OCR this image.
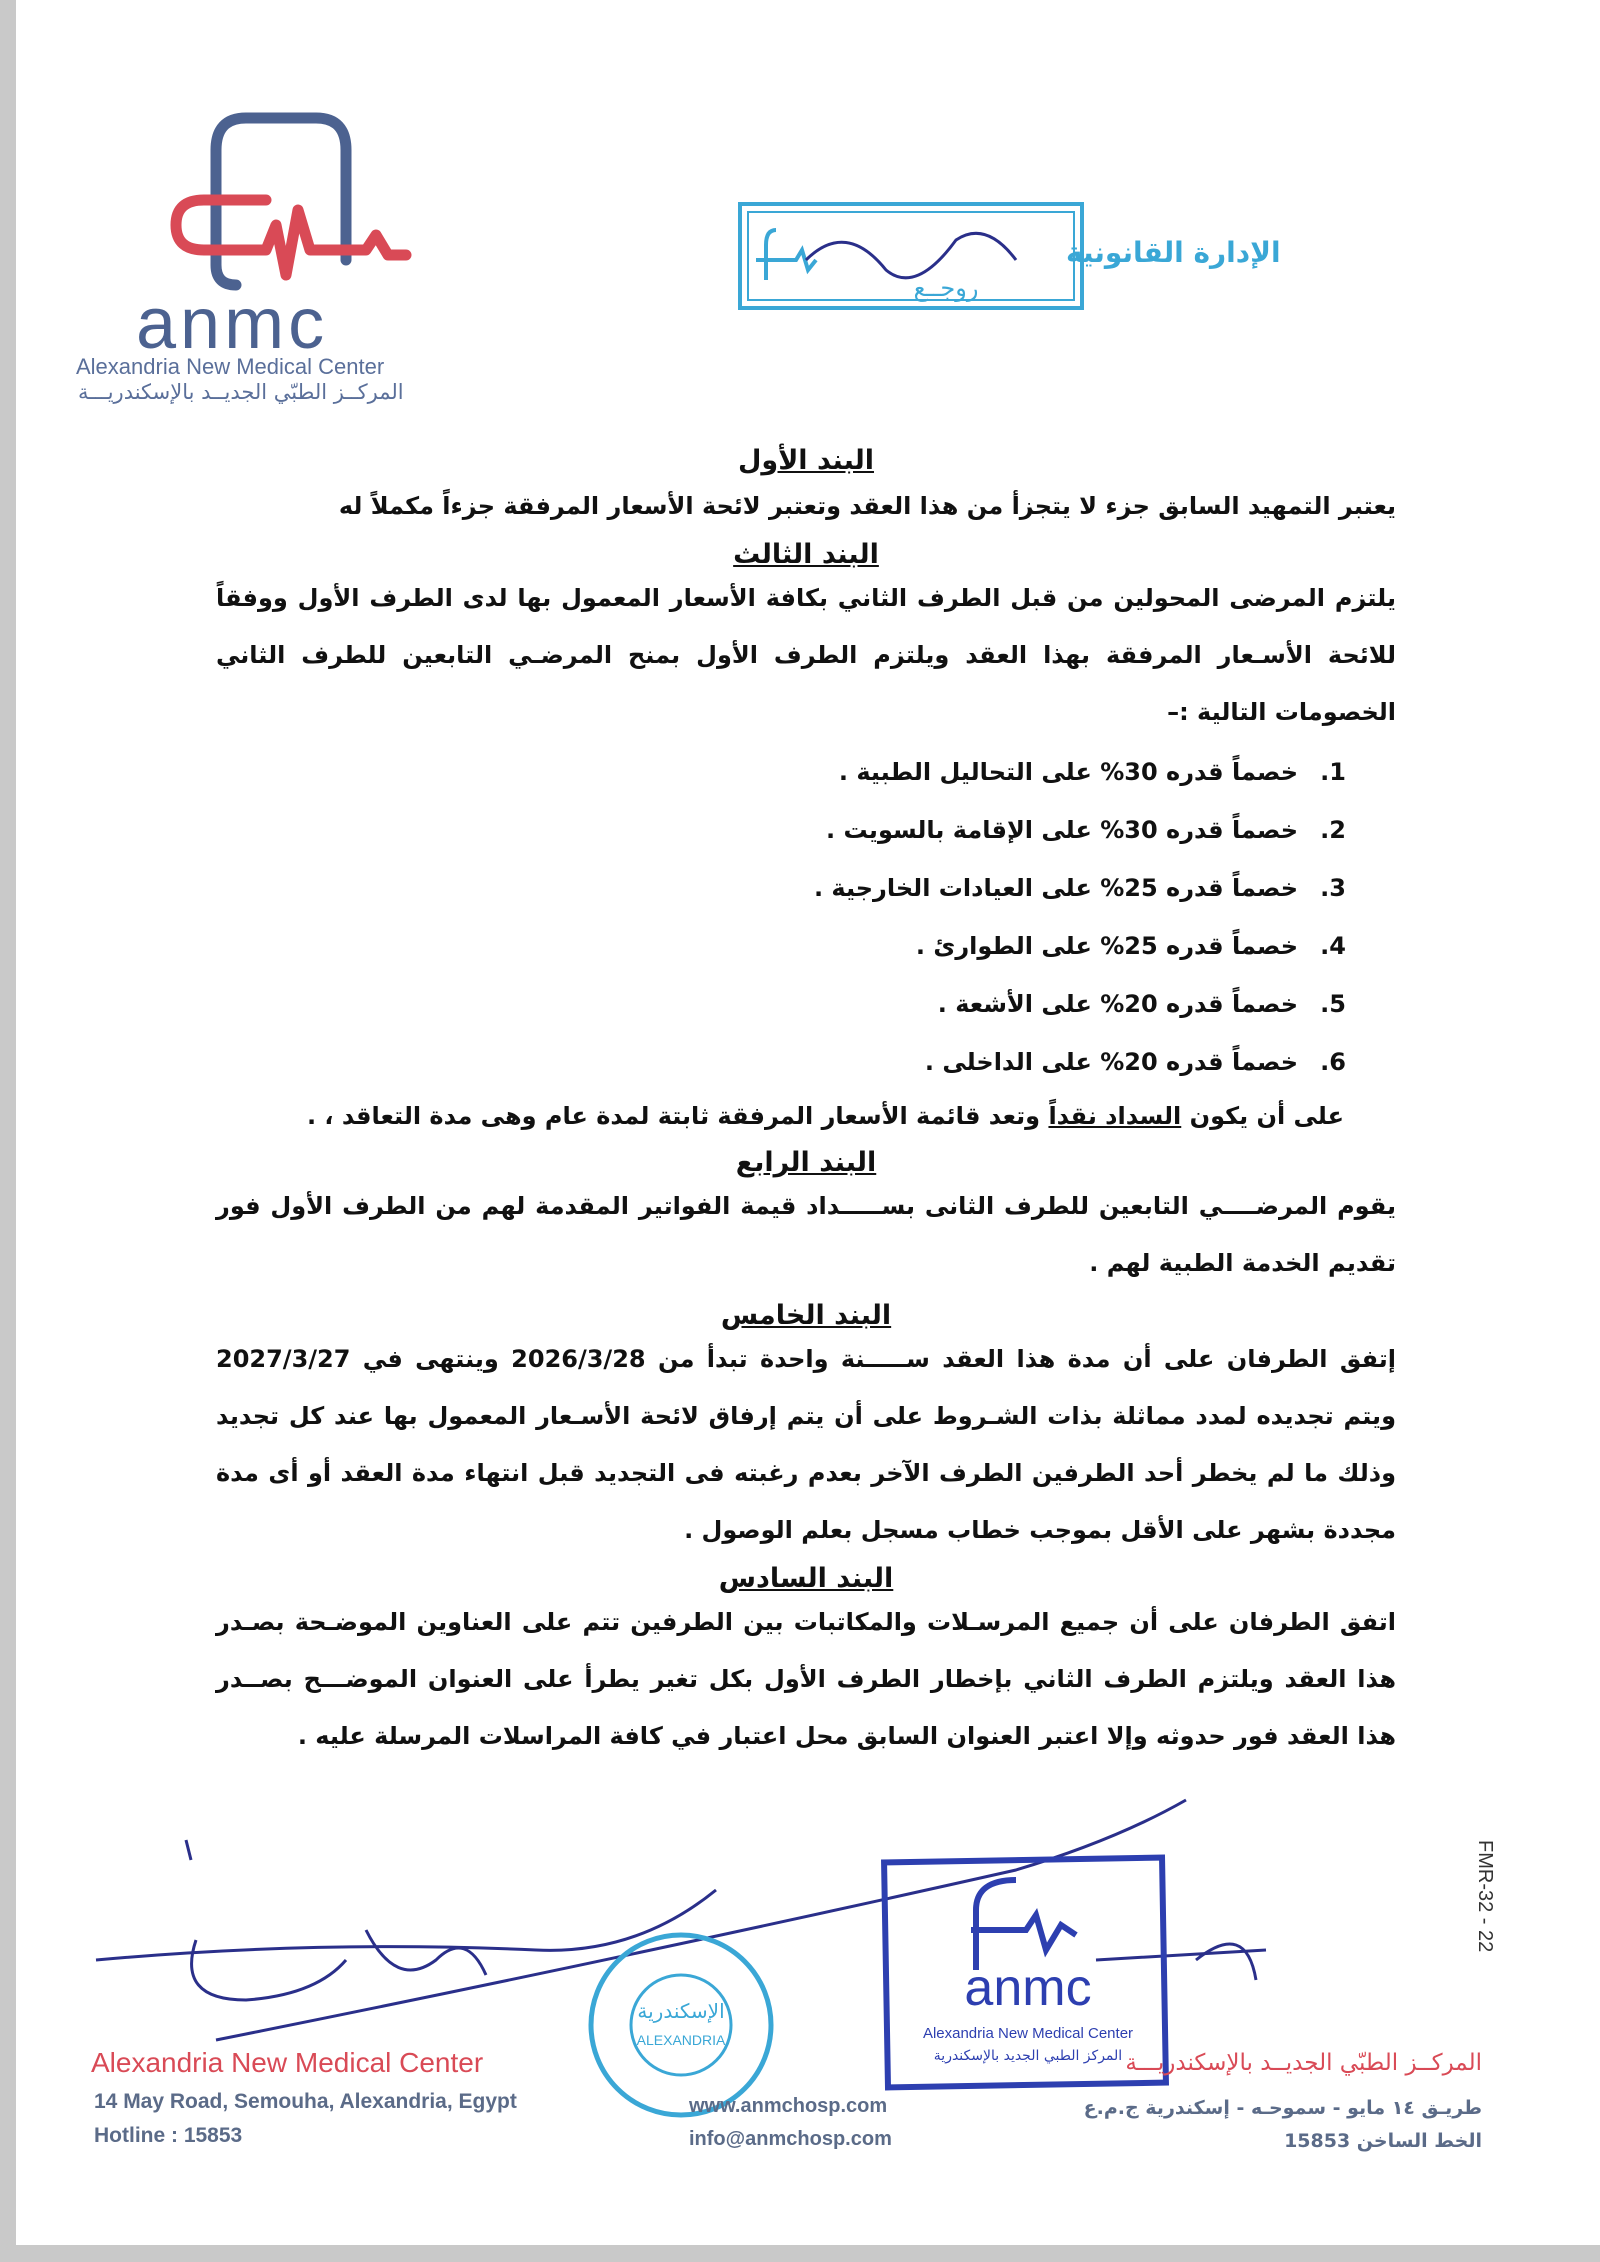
anmc
Alexandria New Medical Center
المركــز الطبّي الجديــد بالإسكندريـــة
الإدارة القانونية
روجــع
البند الأول
يعتبر التمهيد السابق جزء لا يتجزأ من هذا العقد وتعتبر لائحة الأسعار المرفقة جزءاً مكملاً له
البند الثالث
يلتزم المرضى المحولين من قبل الطرف الثاني بكافة الأسعار المعمول بها لدى الطرف الأول ووفقاً للائحة الأسـعار المرفقة بهذا العقد ويلتزم الطرف الأول بمنح المرضـي التابعين للطرف الثاني الخصومات التالية :–
1.خصماً قدره 30% على التحاليل الطبية .
2.خصماً قدره 30% على الإقامة بالسويت .
3.خصماً قدره 25% على العيادات الخارجية .
4.خصماً قدره 25% على الطوارئ .
5.خصماً قدره 20% على الأشعة .
6.خصماً قدره 20% على الداخلى .
على أن يكون السداد نقداً وتعد قائمة الأسعار المرفقة ثابتة لمدة عام وهى مدة التعاقد ، .
البند الرابع
يقوم المرضــــي التابعين للطرف الثانى بســـــداد قيمة الفواتير المقدمة لهم من الطرف الأول فور تقديم الخدمة الطبية لهم .
البند الخامس
إتفق الطرفان على أن مدة هذا العقد ســـــنة واحدة تبدأ من 2026/3/28 وينتهى في 2027/3/27 ويتم تجديده لمدد مماثلة بذات الشـروط على أن يتم إرفاق لائحة الأسـعار المعمول بها عند كل تجديد وذلك ما لم يخطر أحد الطرفين الطرف الآخر بعدم رغبته فى التجديد قبل انتهاء مدة العقد أو أى مدة مجددة بشهر على الأقل بموجب خطاب مسجل بعلم الوصول .
البند السادس
اتفق الطرفان على أن جميع المرسـلات والمكاتبات بين الطرفين تتم على العناوين الموضـحة بصـدر هذا العقد ويلتزم الطرف الثاني بإخطار الطرف الأول بكل تغير يطرأ على العنوان الموضـــح بصــدر هذا العقد فور حدوثه وإلا اعتبر العنوان السابق محل اعتبار في كافة المراسلات المرسلة عليه .
FMR-32 - 22
الإسكندرية
ALEXANDRIA
anmc
Alexandria New Medical Center
المركز الطبي الجديد بالإسكندرية
Alexandria New Medical Center
14 May Road, Semouha, Alexandria, Egypt
Hotline : 15853
www.anmchosp.com
info@anmchosp.com
المركــز الطبّي الجديــد بالإسكندريـــة
طريـق ١٤ مايو - سموحـه - إسكندرية ج.م.ع
الخط الساخن 15853
